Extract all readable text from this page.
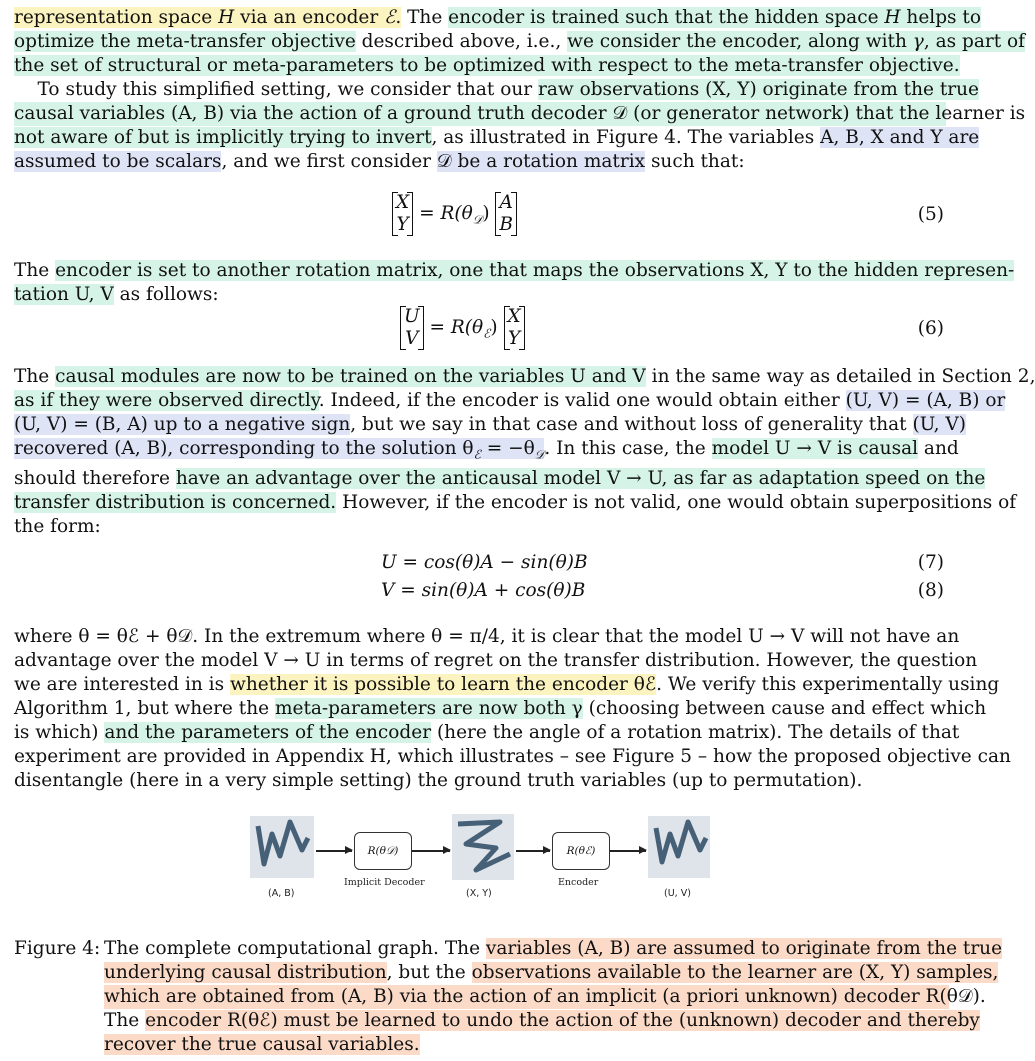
representation space H via an encoder ℰ. The encoder is trained such that the hidden space H helps to
optimize the meta-transfer objective described above, i.e., we consider the encoder, along with γ, as part of
the set of structural or meta-parameters to be optimized with respect to the meta-transfer objective.
To study this simplified setting, we consider that our raw observations (X, Y) originate from the true
causal variables (A, B) via the action of a ground truth decoder 𝒟 (or generator network) that the learner is
not aware of but is implicitly trying to invert, as illustrated in Figure 4. The variables A, B, X and Y are
assumed to be scalars, and we first consider 𝒟 be a rotation matrix such that:
X
$Y = R(\theta_𝒟)$ A
B	(5)
The encoder is set to another rotation matrix, one that maps the observations X, Y to the hidden represen-
tation U, V as follows:
U
$V = R(\theta_ℰ)$ X
Y	(6)
The causal modules are now to be trained on the variables U and V in the same way as detailed in Section 2,
as if they were observed directly. Indeed, if the encoder is valid one would obtain either (U, V) = (A, B) or
(U, V) = (B, A) up to a negative sign, but we say in that case and without loss of generality that (U, V)
recovered (A, B), corresponding to the solution $\theta_ℰ = -\theta_𝒟$. In this case, the model U → V is causal and
should therefore have an advantage over the anticausal model V → U, as far as adaptation speed on the
transfer distribution is concerned. However, if the encoder is not valid, one would obtain superpositions of
the form:
U = cos(θ)A − sin(θ)B	(7)
V = sin(θ)A + cos(θ)B	(8)
where θ = θℰ + θ𝒟. In the extremum where θ = π/4, it is clear that the model U → V will not have an
advantage over the model V → U in terms of regret on the transfer distribution. However, the question
we are interested in is whether it is possible to learn the encoder θℰ. We verify this experimentally using
Algorithm 1, but where the meta-parameters are now both γ (choosing between cause and effect which
is which) and the parameters of the encoder (here the angle of a rotation matrix). The details of that
experiment are provided in Appendix H, which illustrates – see Figure 5 – how the proposed objective can
disentangle (here in a very simple setting) the ground truth variables (up to permutation).
(A, B)
R(θ𝒟)
Implicit Decoder
(X, Y)
R(θℰ)
Encoder
(U, V)
Figure 4: The complete computational graph. The variables (A, B) are assumed to originate from the true
underlying causal distribution, but the observations available to the learner are (X, Y) samples,
which are obtained from (A, B) via the action of an implicit (a priori unknown) decoder R(θ𝒟).
The encoder R(θℰ) must be learned to undo the action of the (unknown) decoder and thereby
recover the true causal variables.
